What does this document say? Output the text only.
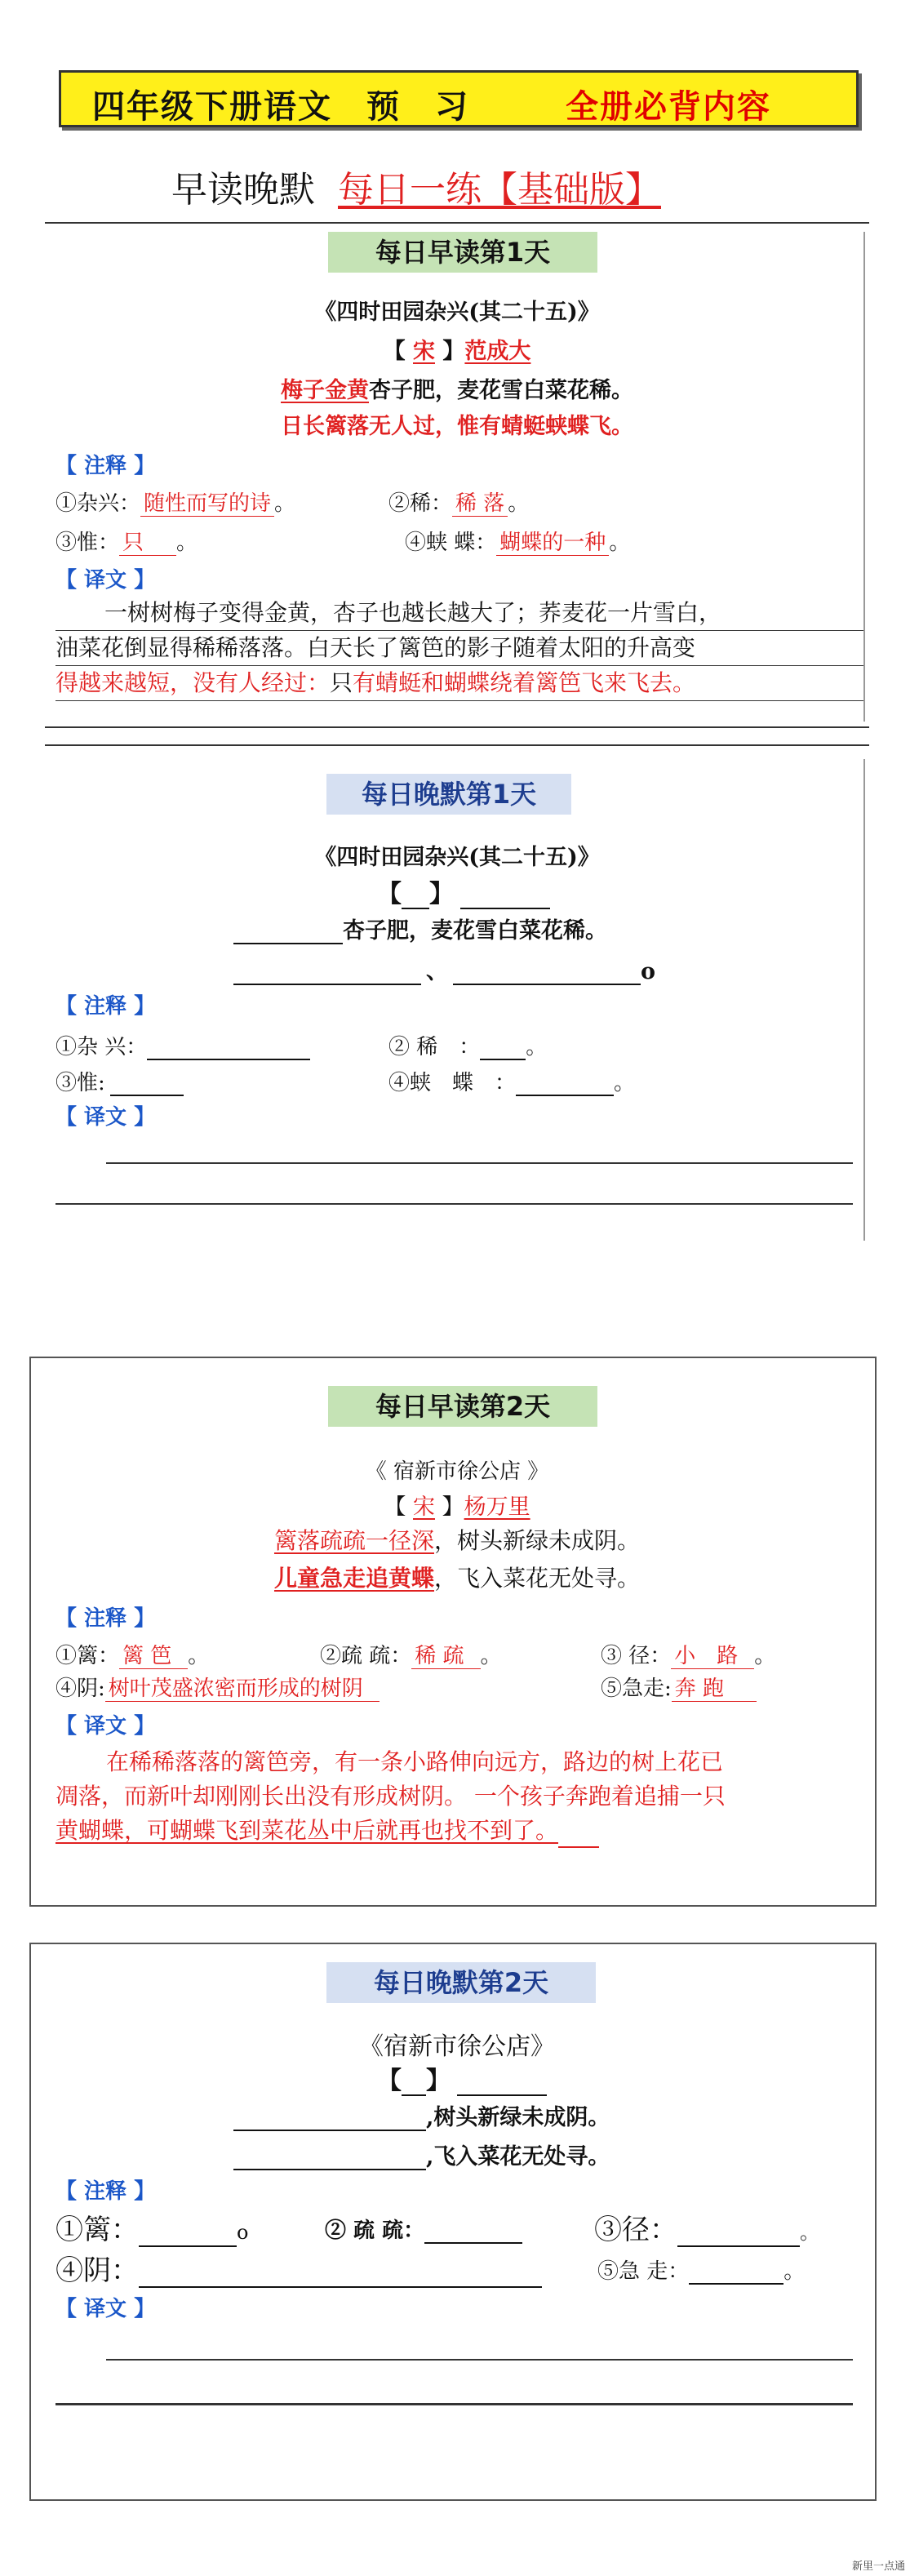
四年级下册语文　预　习	全册必背内容
早读晚默 每日一练【基础版】
每日早读第1天
《四时田园杂兴(其二十五)》
【 宋 】范成大
梅子金黄杏子肥，麦花雪白菜花稀。
日长篱落无人过，惟有蜻蜓蛱蝶飞。
【 注释 】
①杂兴： 随性而写的诗 。	②稀： 稀 落 。
③惟： 只 。	④蛱 蝶： 蝴蝶的一种 。
【 译文 】
一树树梅子变得金黄，杏子也越长越大了；荞麦花一片雪白，
油菜花倒显得稀稀落落。白天长了篱笆的影子随着太阳的升高变
得越来越短，没有人经过：只有蜻蜓和蝴蝶绕着篱笆飞来飞去。
每日晚默第1天
《四时田园杂兴(其二十五)》
【 】
杏子肥，麦花雪白菜花稀。
、	o
【 注释 】
①杂 兴：	② 稀　： 。
③惟:	④蛱　蝶　：	。
【 译文 】
每日早读第2天
《 宿新市徐公店 》
【 宋 】杨万里
篱落疏疏一径深，树头新绿未成阴。
儿童急走追黄蝶，飞入菜花无处寻。
【 注释 】
①篱： 篱 笆 。	②疏 疏： 稀 疏 。	③ 径： 小　路 。
④阴: 树叶茂盛浓密而形成的树阴	⑤急走: 奔 跑
【 译文 】
在稀稀落落的篱笆旁，有一条小路伸向远方，路边的树上花已
凋落，而新叶却刚刚长出没有形成树阴。 一个孩子奔跑着追捕一只
黄蝴蝶，可蝴蝶飞到菜花丛中后就再也找不到了。
每日晚默第2天
《宿新市徐公店》
【 】
,树头新绿未成阴。
,飞入菜花无处寻。
【 注释 】
①篱：	o	② 疏 疏：	③径：	。
④阴：	⑤急 走：	。
【 译文 】
新里一点通
